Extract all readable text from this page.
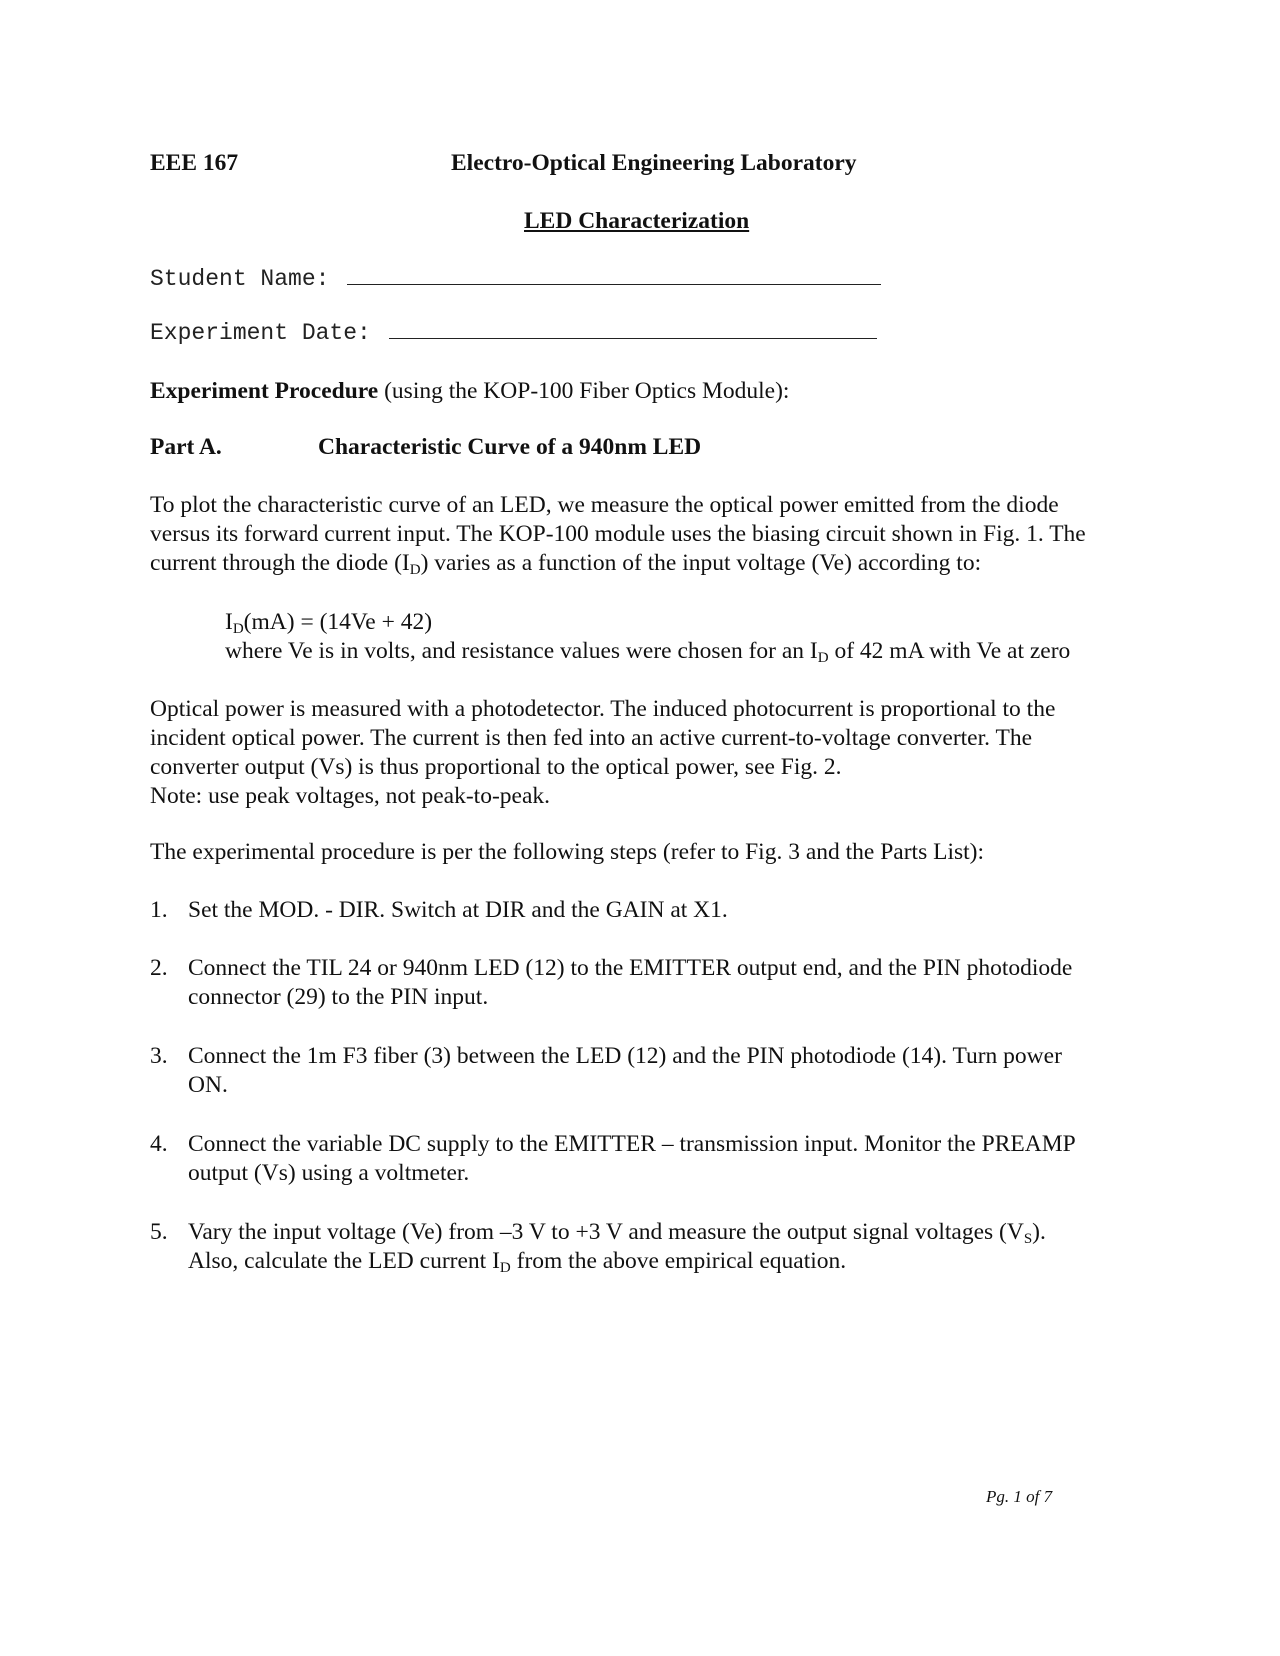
EEE 167	Electro-Optical Engineering Laboratory
LED Characterization
Student Name:
Experiment Date:
Experiment Procedure (using the KOP-100 Fiber Optics Module):
Part A.	Characteristic Curve of a 940nm LED
To plot the characteristic curve of an LED, we measure the optical power emitted from the diode
versus its forward current input. The KOP-100 module uses the biasing circuit shown in Fig. 1. The
current through the diode $(I_D)$ varies as a function of the input voltage (Ve) according to:
$I_D(mA) = (14Ve + 42)$
where Ve is in volts, and resistance values were chosen for an $I_D$ of 42 mA with Ve at zero
Optical power is measured with a photodetector. The induced photocurrent is proportional to the
incident optical power. The current is then fed into an active current-to-voltage converter. The
converter output (Vs) is thus proportional to the optical power, see Fig. 2.
Note: use peak voltages, not peak-to-peak.
The experimental procedure is per the following steps (refer to Fig. 3 and the Parts List):
1. Set the MOD. - DIR. Switch at DIR and the GAIN at X1.
2. Connect the TIL 24 or 940nm LED (12) to the EMITTER output end, and the PIN photodiode
connector (29) to the PIN input.
3. Connect the 1m F3 fiber (3) between the LED (12) and the PIN photodiode (14). Turn power
ON.
4. Connect the variable DC supply to the EMITTER – transmission input. Monitor the PREAMP
output (Vs) using a voltmeter.
5. Vary the input voltage (Ve) from –3 V to +3 V and measure the output signal voltages $(V_S)$.
Also, calculate the LED current $I_D$ from the above empirical equation.
Pg. 1 of 7
